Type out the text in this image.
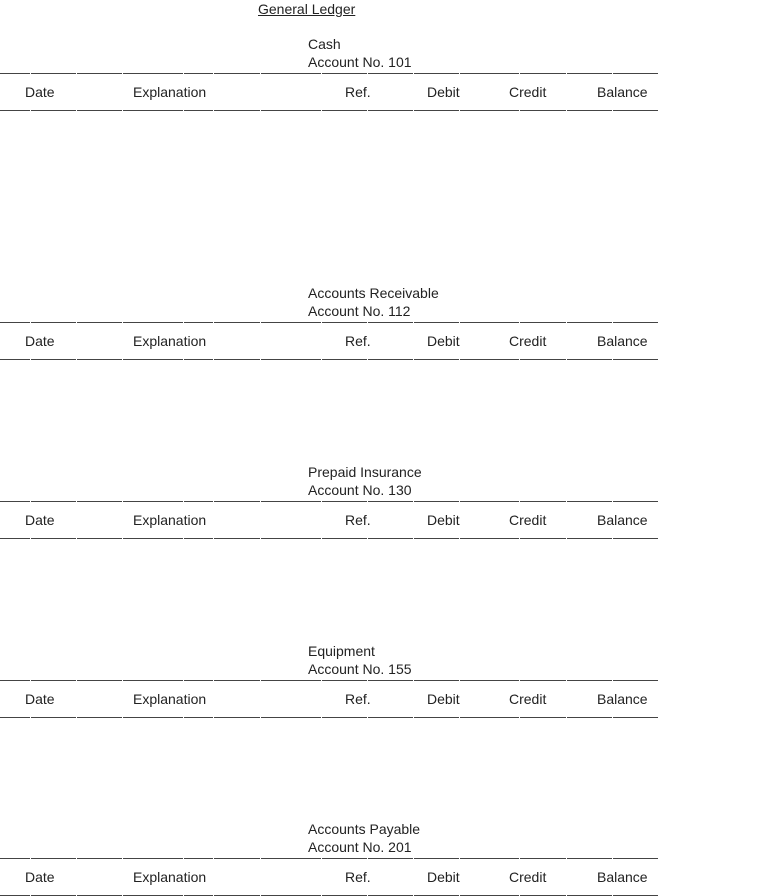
General Ledger
Cash
Account No. 101
Date	Explanation	Ref.	Debit	Credit	Balance
Accounts Receivable
Account No. 112
Date	Explanation	Ref.	Debit	Credit	Balance
Prepaid Insurance
Account No. 130
Date	Explanation	Ref.	Debit	Credit	Balance
Equipment
Account No. 155
Date	Explanation	Ref.	Debit	Credit	Balance
Accounts Payable
Account No. 201
Date	Explanation	Ref.	Debit	Credit	Balance
